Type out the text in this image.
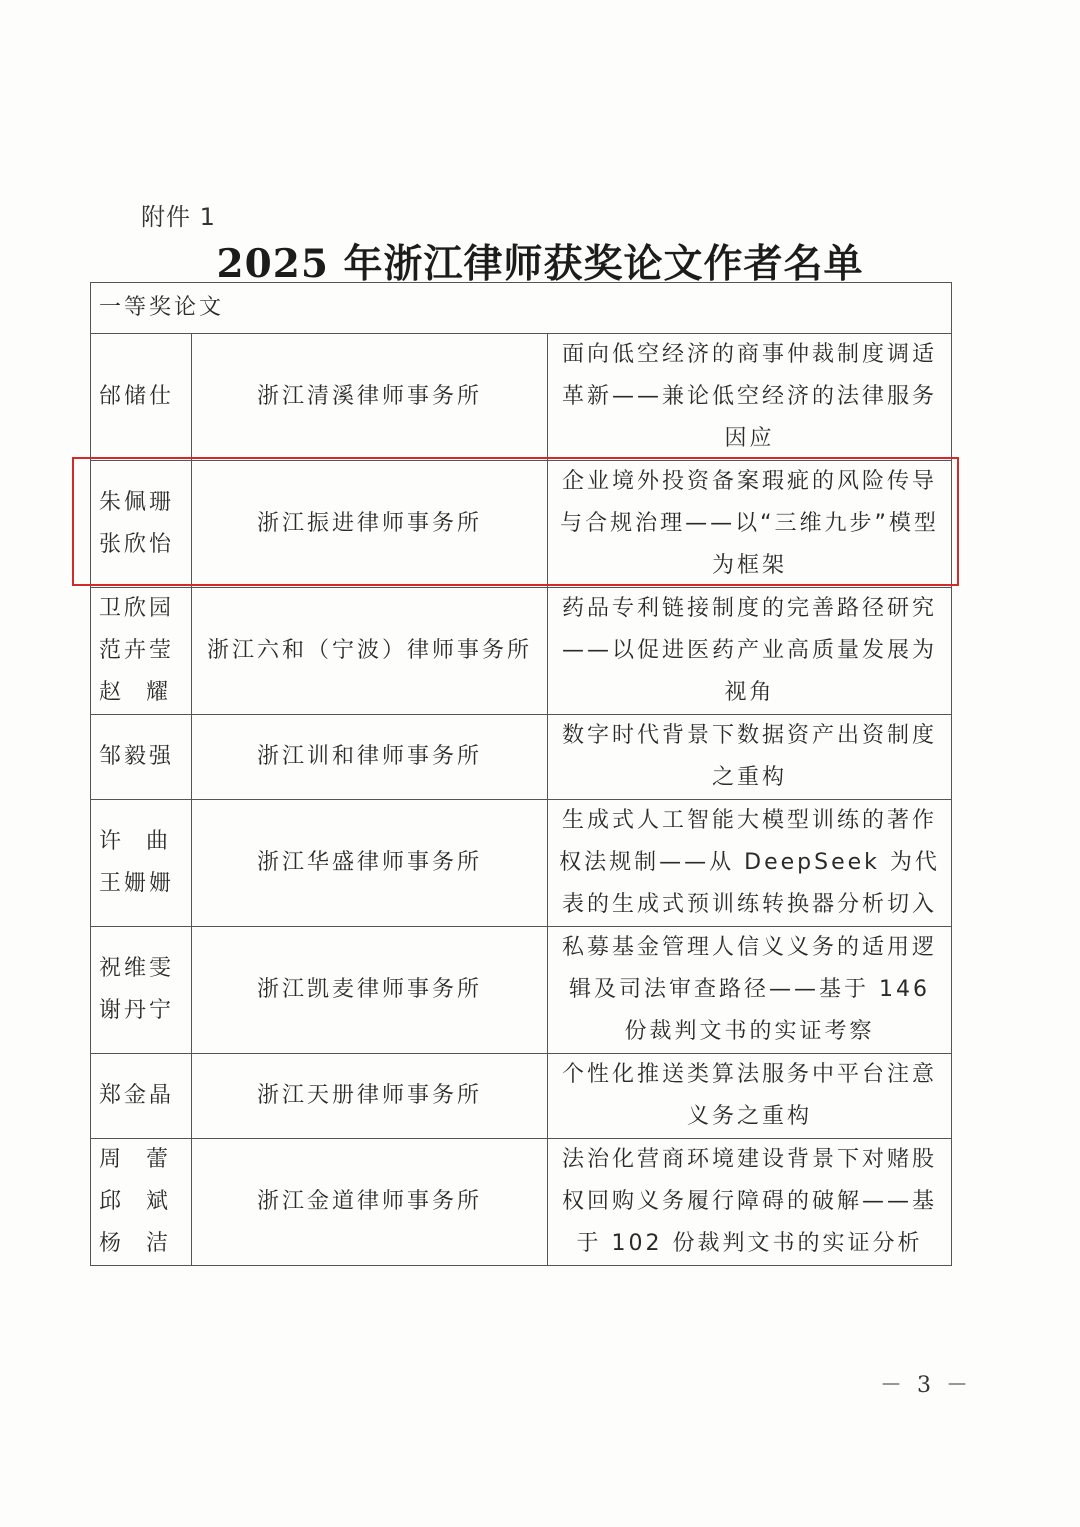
附件 1
2025 年浙江律师获奖论文作者名单
一等奖论文		

邰储仕	浙江清溪律师事务所	面向低空经济的商事仲裁制度调适革新——兼论低空经济的法律服务因应

朱佩珊
张欣怡	浙江振进律师事务所	企业境外投资备案瑕疵的风险传导与合规治理——以“三维九步”模型为框架

卫欣园
范卉莹
赵 耀	浙江六和（宁波）律师事务所	药品专利链接制度的完善路径研究——以促进医药产业高质量发展为视角

邹毅强	浙江训和律师事务所	数字时代背景下数据资产出资制度之重构

许 曲
王姗姗	浙江华盛律师事务所	生成式人工智能大模型训练的著作权法规制——从 DeepSeek 为代表的生成式预训练转换器分析切入

祝维雯
谢丹宁	浙江凯麦律师事务所	私募基金管理人信义义务的适用逻辑及司法审查路径——基于 146 份裁判文书的实证考察

郑金晶	浙江天册律师事务所	个性化推送类算法服务中平台注意义务之重构

周 蕾
邱 斌
杨 洁	浙江金道律师事务所	法治化营商环境建设背景下对赌股权回购义务履行障碍的破解——基于 102 份裁判文书的实证分析
－ 3 －
